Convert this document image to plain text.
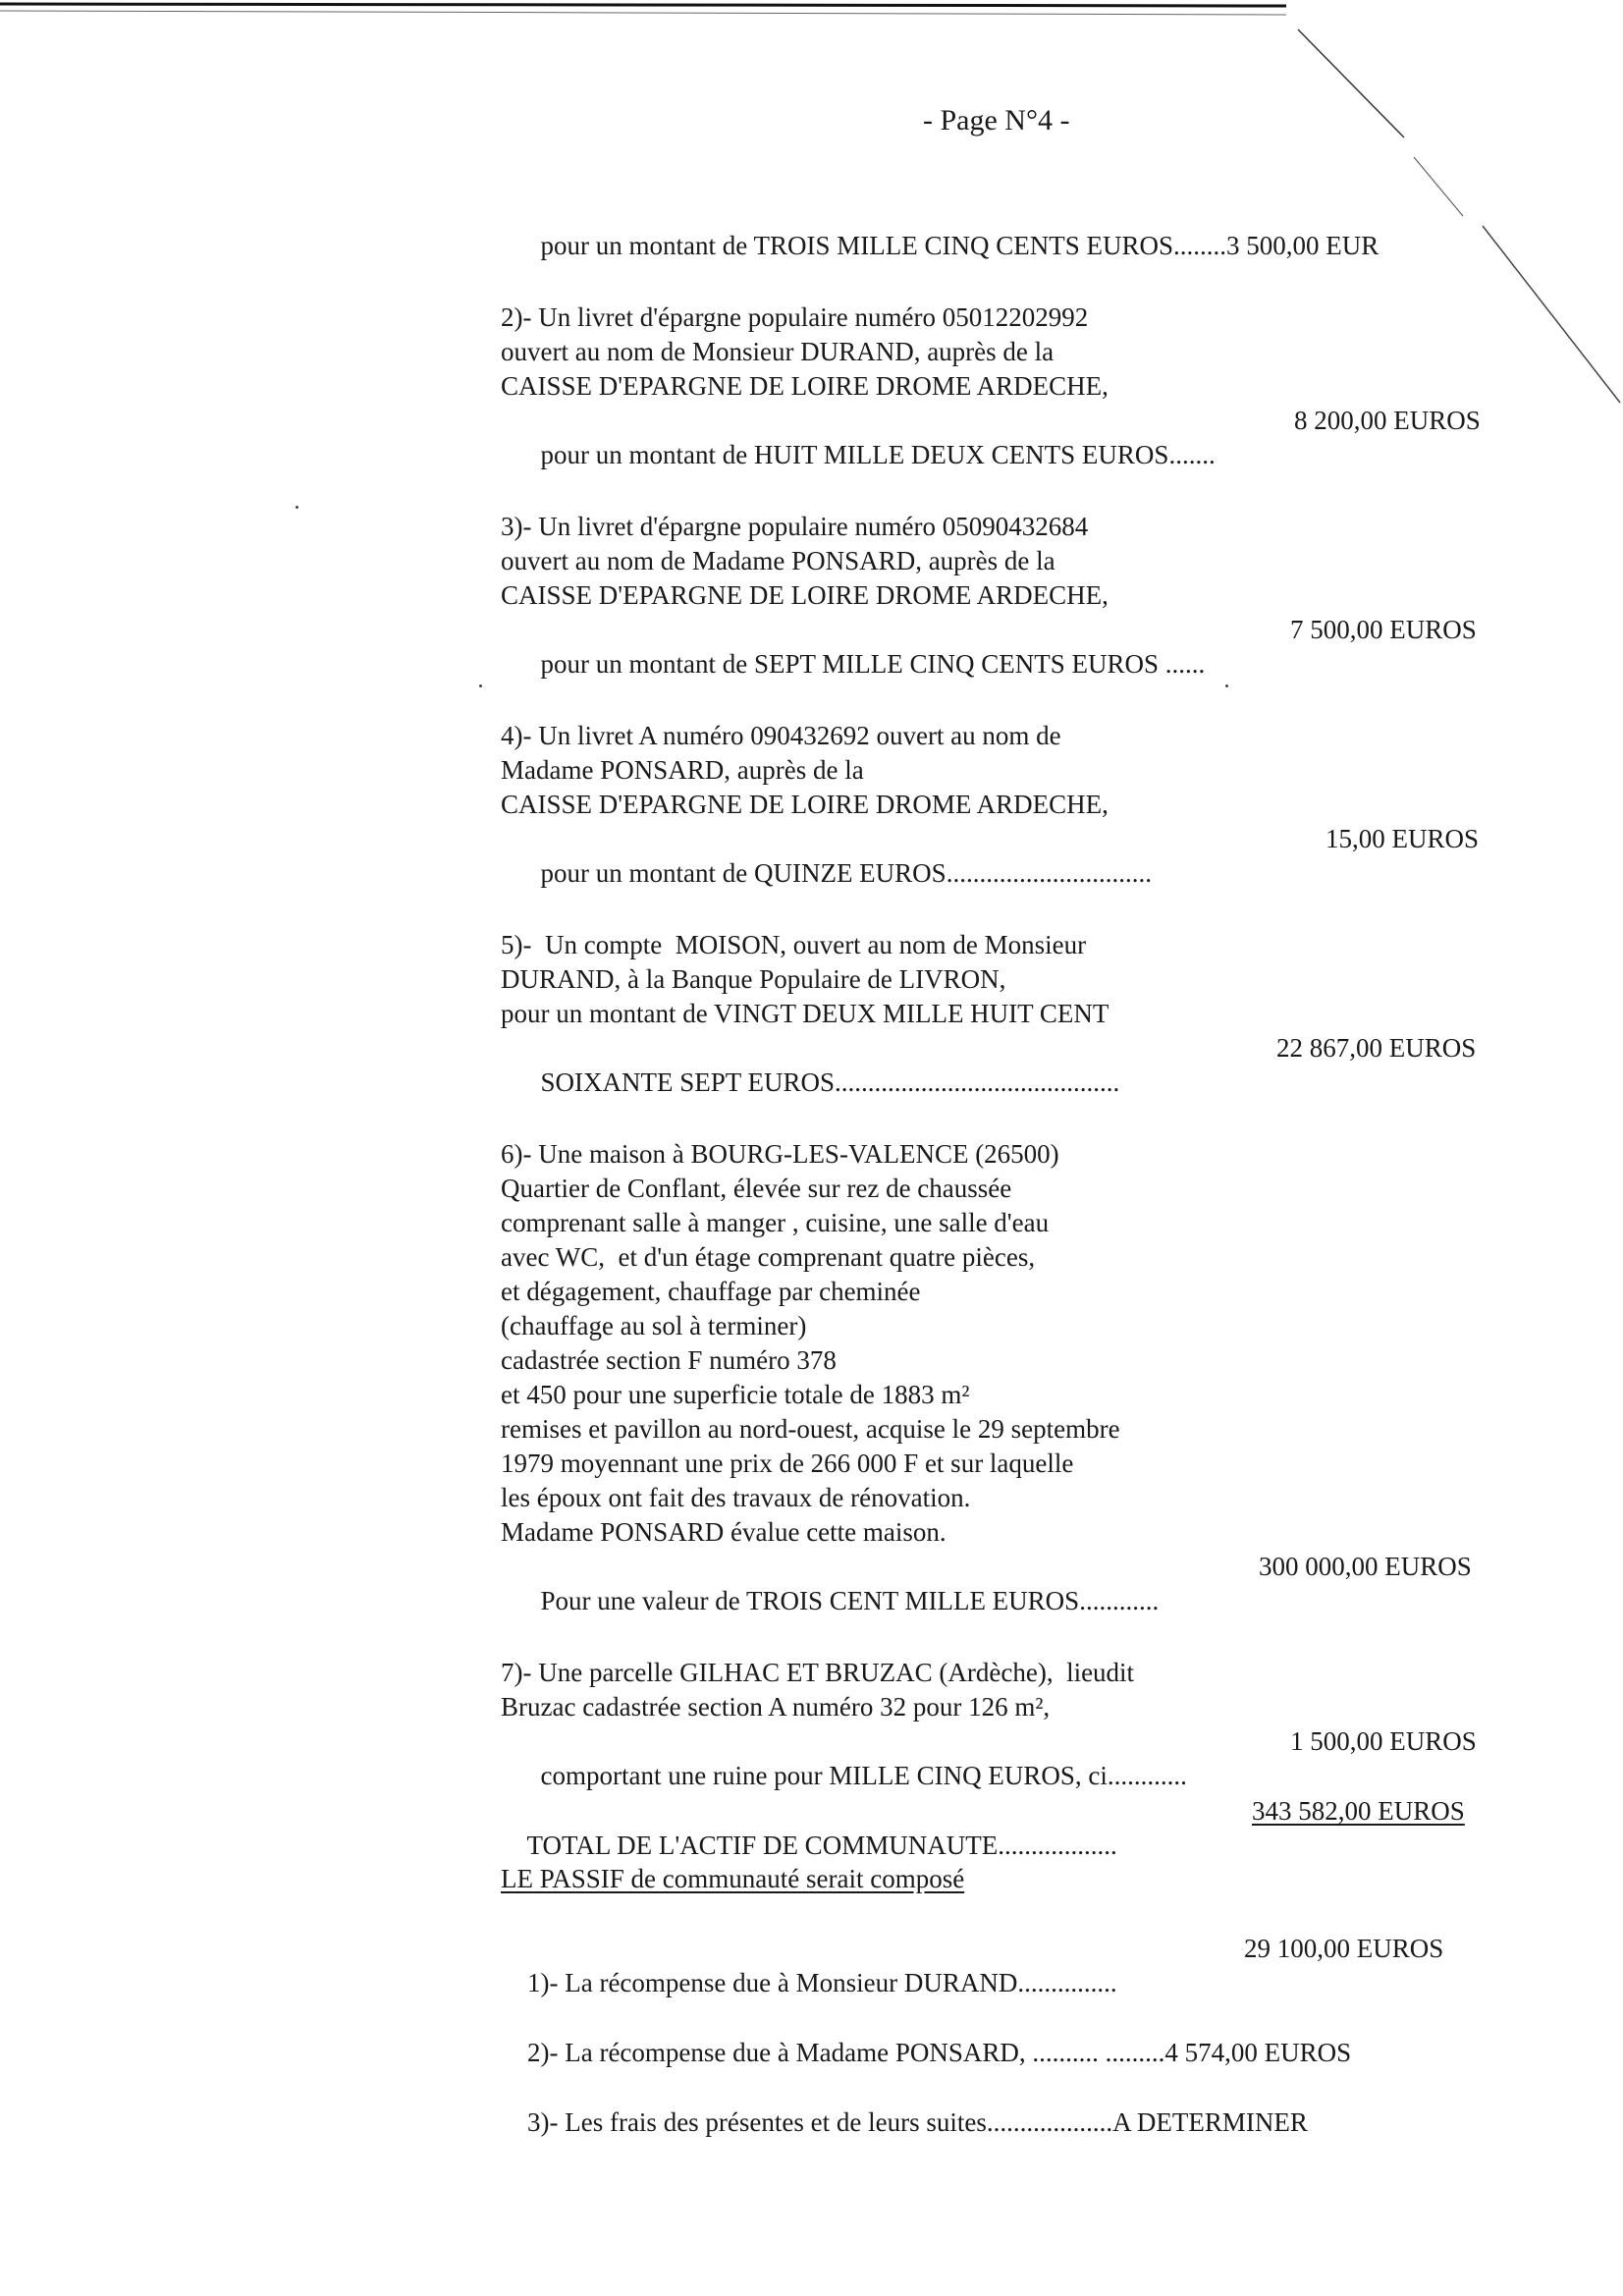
- Page N°4 -

pour un montant de TROIS MILLE CINQ CENTS EUROS........3 500,00 EUR

2)- Un livret d'épargne populaire numéro 05012202992
ouvert au nom de Monsieur DURAND, auprès de la
CAISSE D'EPARGNE DE LOIRE DROME ARDECHE,

pour un montant de HUIT MILLE DEUX CENTS EUROS.......

8 200,00 EUROS

3)- Un livret d'épargne populaire numéro 05090432684
ouvert au nom de Madame PONSARD, auprès de la
CAISSE D'EPARGNE DE LOIRE DROME ARDECHE,

pour un montant de SEPT MILLE CINQ CENTS EUROS ......

7 500,00 EUROS

4)- Un livret A numéro 090432692 ouvert au nom de
Madame PONSARD, auprès de la
CAISSE D'EPARGNE DE LOIRE DROME ARDECHE,

pour un montant de QUINZE EUROS...............................

15,00 EUROS

5)-  Un compte  MOISON, ouvert au nom de Monsieur
DURAND, à la Banque Populaire de LIVRON,
pour un montant de VINGT DEUX MILLE HUIT CENT

SOIXANTE SEPT EUROS...........................................

22 867,00 EUROS

6)- Une maison à BOURG-LES-VALENCE (26500)
Quartier de Conflant, élevée sur rez de chaussée
comprenant salle à manger , cuisine, une salle d'eau
avec WC,  et d'un étage comprenant quatre pièces,
et dégagement, chauffage par cheminée
(chauffage au sol à terminer)
cadastrée section F numéro 378
et 450 pour une superficie totale de 1883 m²
remises et pavillon au nord-ouest, acquise le 29 septembre
1979 moyennant une prix de 266 000 F et sur laquelle
les époux ont fait des travaux de rénovation.
Madame PONSARD évalue cette maison.

Pour une valeur de TROIS CENT MILLE EUROS............

300 000,00 EUROS

7)- Une parcelle GILHAC ET BRUZAC (Ardèche),  lieudit
Bruzac cadastrée section A numéro 32 pour 126 m²,

comportant une ruine pour MILLE CINQ EUROS, ci............

1 500,00 EUROS

TOTAL DE L'ACTIF DE COMMUNAUTE..................

343 582,00 EUROS

LE PASSIF de communauté serait composé

1)- La récompense due à Monsieur DURAND...............

29 100,00 EUROS

2)- La récompense due à Madame PONSARD, .......... .........4 574,00 EUROS

3)- Les frais des présentes et de leurs suites...................A DETERMINER
